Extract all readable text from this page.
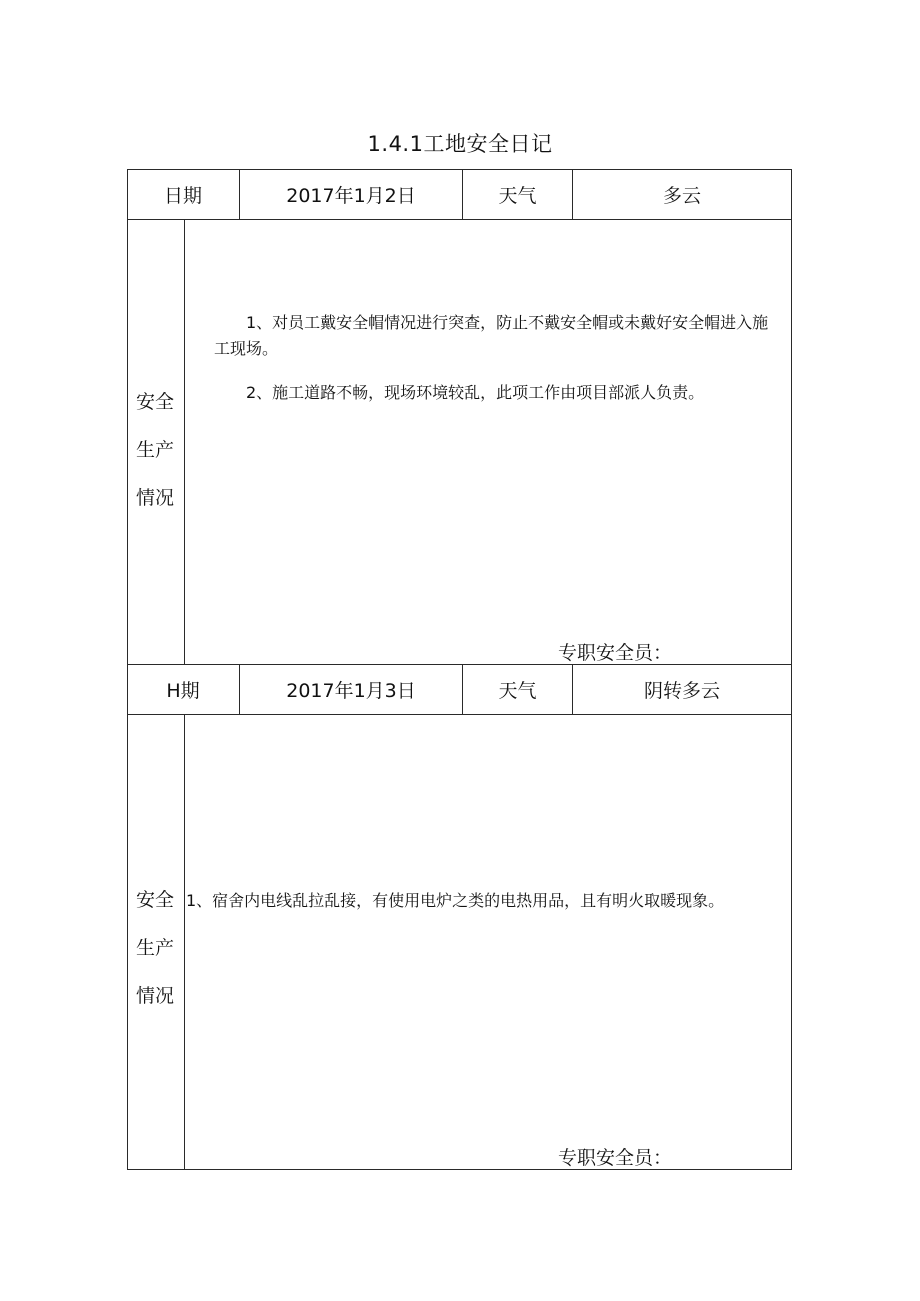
1.4.1工地安全日记
日期	2017年1月2日	天气	多云
安全
生产
情况

1、对员工戴安全帽情况进行突查，防止不戴安全帽或未戴好安全帽进入施工现场。

2、施工道路不畅，现场环境较乱，此项工作由项目部派人负责。

专职安全员：
H期	2017年1月3日	天气	阴转多云
安全
生产
情况

1、宿舍内电线乱拉乱接，有使用电炉之类的电热用品，且有明火取暖现象。

专职安全员：
